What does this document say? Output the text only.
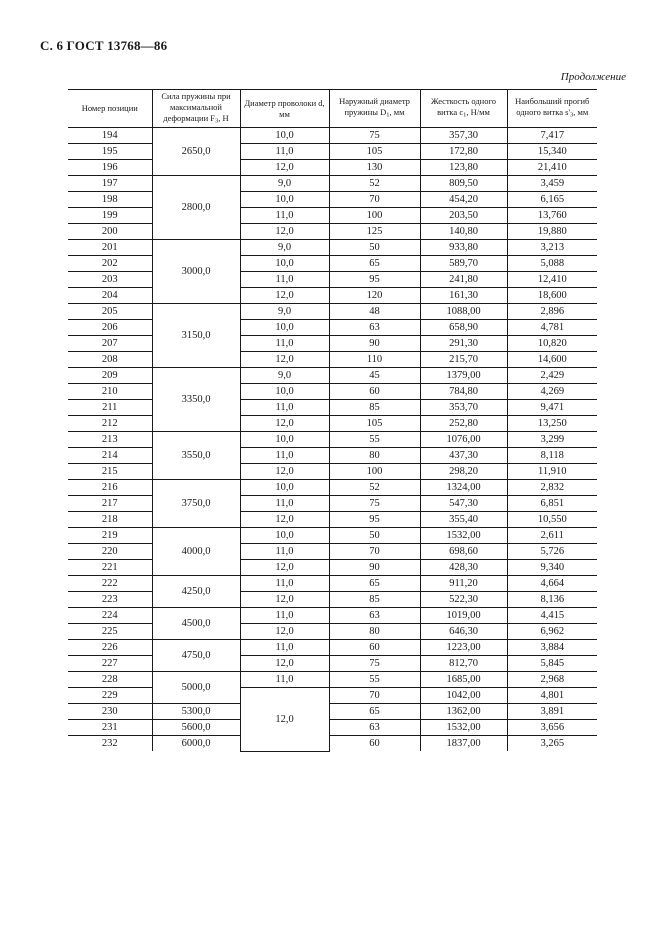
С. 6 ГОСТ 13768—86
Продолжение
Номер позиции	Сила пружины при максимальной деформации $F_3$, Н	Диаметр проволоки d, мм	Наружный диаметр пружины $D_1$, мм	Жесткость одного витка $c_1$, Н/мм	Наибольший прогиб одного витка $s'_3$, мм
194	2650,0	10,0	75	357,30	7,417
195		11,0	105	172,80	15,340
196		12,0	130	123,80	21,410
197	2800,0	9,0	52	809,50	3,459
198		10,0	70	454,20	6,165
199		11,0	100	203,50	13,760
200		12,0	125	140,80	19,880
201	3000,0	9,0	50	933,80	3,213
202		10,0	65	589,70	5,088
203		11,0	95	241,80	12,410
204		12,0	120	161,30	18,600
205	3150,0	9,0	48	1088,00	2,896
206		10,0	63	658,90	4,781
207		11,0	90	291,30	10,820
208		12,0	110	215,70	14,600
209	3350,0	9,0	45	1379,00	2,429
210		10,0	60	784,80	4,269
211		11,0	85	353,70	9,471
212		12,0	105	252,80	13,250
213	3550,0	10,0	55	1076,00	3,299
214		11,0	80	437,30	8,118
215		12,0	100	298,20	11,910
216	3750,0	10,0	52	1324,00	2,832
217		11,0	75	547,30	6,851
218		12,0	95	355,40	10,550
219	4000,0	10,0	50	1532,00	2,611
220		11,0	70	698,60	5,726
221		12,0	90	428,30	9,340
222	4250,0	11,0	65	911,20	4,664
223		12,0	85	522,30	8,136
224	4500,0	11,0	63	1019,00	4,415
225		12,0	80	646,30	6,962
226	4750,0	11,0	60	1223,00	3,884
227		12,0	75	812,70	5,845
228	5000,0	11,0	55	1685,00	2,968
229		12,0	70	1042,00	4,801
230	5300,0		65	1362,00	3,891
231	5600,0		63	1532,00	3,656
232	6000,0		60	1837,00	3,265
